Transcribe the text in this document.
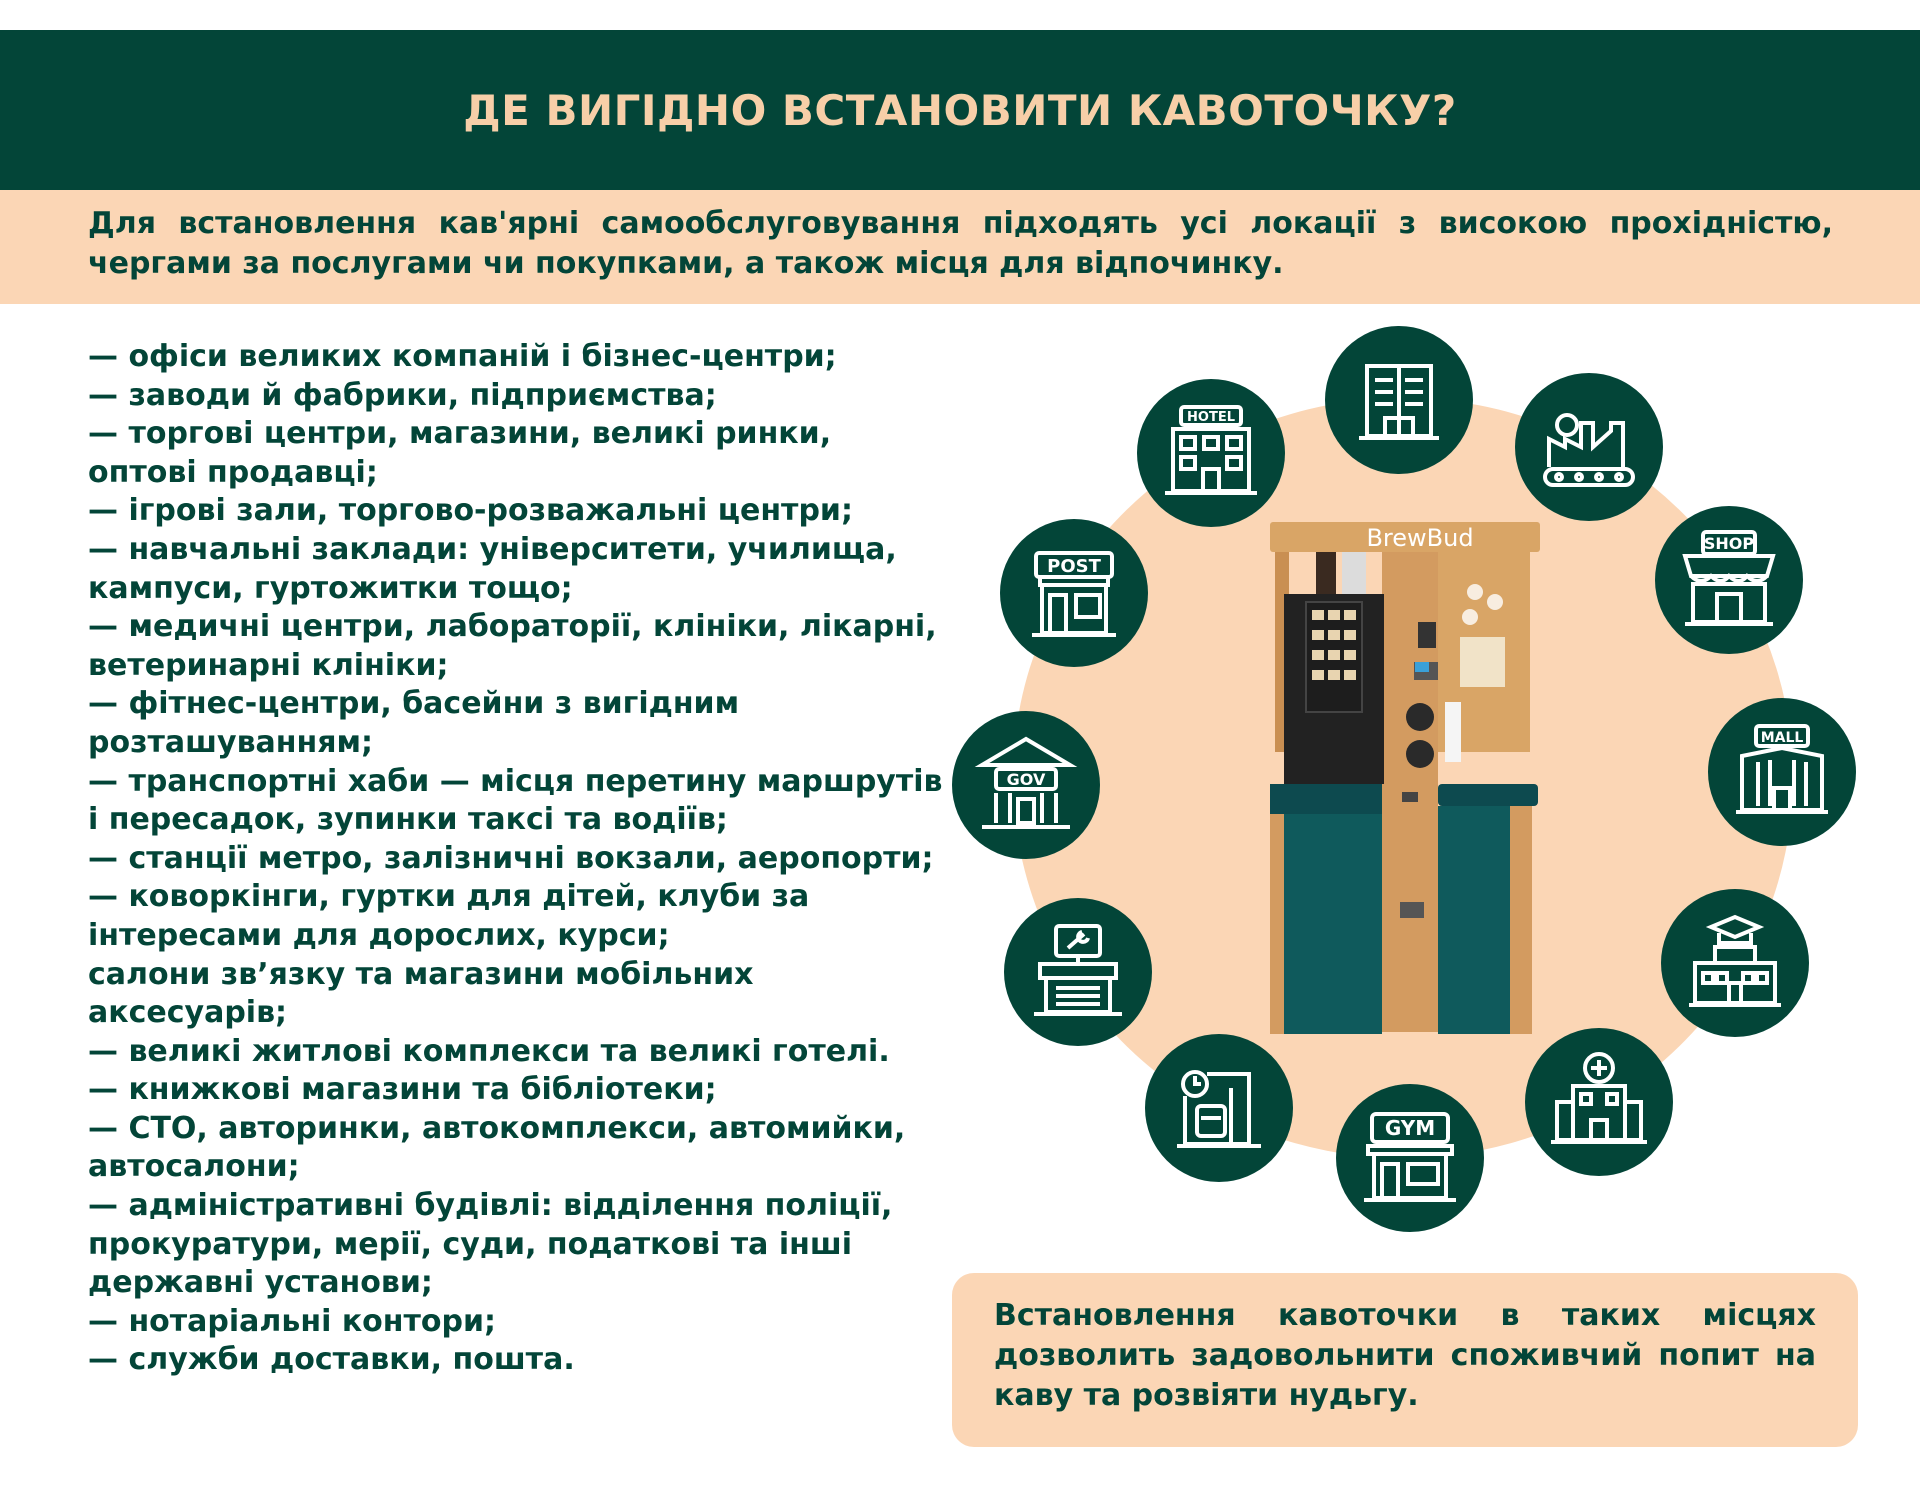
ДЕ ВИГІДНО ВСТАНОВИТИ КАВОТОЧКУ?

Для встановлення кав'ярні самообслуговування підходять усі локації з високою прохідністю, чергами за послугами чи покупками, а також місця для відпочинку.

— офіси великих компаній і бізнес-центри;
— заводи й фабрики, підприємства;
— торгові центри, магазини, великі ринки, оптові продавці;
— ігрові зали, торгово-розважальні центри;
— навчальні заклади: університети, училища, кампуси, гуртожитки тощо;
— медичні центри, лабораторії, клініки, лікарні, ветеринарні клініки;
— фітнес-центри, басейни з вигідним розташуванням;
— транспортні хаби — місця перетину маршрутів і пересадок, зупинки таксі та водіїв;
— станції метро, залізничні вокзали, аеропорти;
— коворкінги, гуртки для дітей, клуби за інтересами для дорослих, курси;
салони зв’язку та магазини мобільних аксесуарів;
— великі житлові комплекси та великі готелі.
— книжкові магазини та бібліотеки;
— СТО, авторинки, автокомплекси, автомийки, автосалони;
— адміністративні будівлі: відділення поліції, прокуратури, мерії, суди, податкові та інші державні установи;
— нотаріальні контори;
— служби доставки, пошта.
BrewBud
HOTEL
POST
SHOP
GOV
MALL
GYM

Встановлення кавоточки в таких місцях дозволить задовольнити споживчий попит на каву та розвіяти нудьгу.
